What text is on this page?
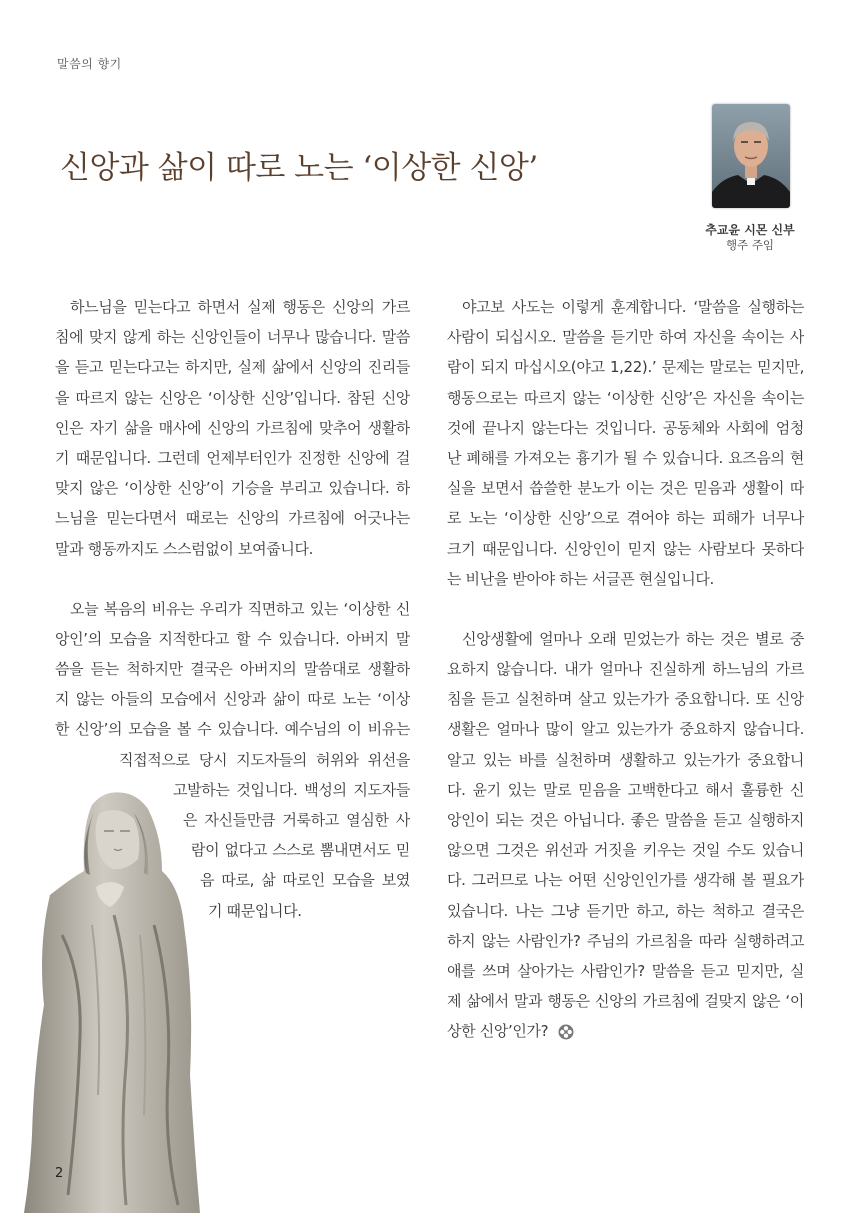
말씀의 향기
신앙과 삶이 따로 노는 ‘이상한 신앙’
추교윤 시몬 신부
행주 주임
하느님을 믿는다고 하면서 실제 행동은 신앙의 가르
침에 맞지 않게 하는 신앙인들이 너무나 많습니다. 말씀
을 듣고 믿는다고는 하지만, 실제 삶에서 신앙의 진리들
을 따르지 않는 신앙은 ‘이상한 신앙’입니다. 참된 신앙
인은 자기 삶을 매사에 신앙의 가르침에 맞추어 생활하
기 때문입니다. 그런데 언제부터인가 진정한 신앙에 걸
맞지 않은 ‘이상한 신앙’이 기승을 부리고 있습니다. 하
느님을 믿는다면서 때로는 신앙의 가르침에 어긋나는
말과 행동까지도 스스럼없이 보여줍니다.
오늘 복음의 비유는 우리가 직면하고 있는 ‘이상한 신
앙인’의 모습을 지적한다고 할 수 있습니다. 아버지 말
씀을 듣는 척하지만 결국은 아버지의 말씀대로 생활하
지 않는 아들의 모습에서 신앙과 삶이 따로 노는 ‘이상
한 신앙’의 모습을 볼 수 있습니다. 예수님의 이 비유는
직접적으로 당시 지도자들의 허위와 위선을
고발하는 것입니다. 백성의 지도자들
은 자신들만큼 거룩하고 열심한 사
람이 없다고 스스로 뽐내면서도 믿
음 따로, 삶 따로인 모습을 보였
기 때문입니다.
야고보 사도는 이렇게 훈계합니다. ‘말씀을 실행하는
사람이 되십시오. 말씀을 듣기만 하여 자신을 속이는 사
람이 되지 마십시오(야고 1,22).’ 문제는 말로는 믿지만,
행동으로는 따르지 않는 ‘이상한 신앙’은 자신을 속이는
것에 끝나지 않는다는 것입니다. 공동체와 사회에 엄청
난 폐해를 가져오는 흉기가 될 수 있습니다. 요즈음의 현
실을 보면서 씁쓸한 분노가 이는 것은 믿음과 생활이 따
로 노는 ‘이상한 신앙’으로 겪어야 하는 피해가 너무나
크기 때문입니다. 신앙인이 믿지 않는 사람보다 못하다
는 비난을 받아야 하는 서글픈 현실입니다.
신앙생활에 얼마나 오래 믿었는가 하는 것은 별로 중
요하지 않습니다. 내가 얼마나 진실하게 하느님의 가르
침을 듣고 실천하며 살고 있는가가 중요합니다. 또 신앙
생활은 얼마나 많이 알고 있는가가 중요하지 않습니다.
알고 있는 바를 실천하며 생활하고 있는가가 중요합니
다. 윤기 있는 말로 믿음을 고백한다고 해서 훌륭한 신
앙인이 되는 것은 아닙니다. 좋은 말씀을 듣고 실행하지
않으면 그것은 위선과 거짓을 키우는 것일 수도 있습니
다. 그러므로 나는 어떤 신앙인인가를 생각해 볼 필요가
있습니다. 나는 그냥 듣기만 하고, 하는 척하고 결국은
하지 않는 사람인가? 주님의 가르침을 따라 실행하려고
애를 쓰며 살아가는 사람인가? 말씀을 듣고 믿지만, 실
제 삶에서 말과 행동은 신앙의 가르침에 걸맞지 않은 ‘이
상한 신앙’인가?
2
